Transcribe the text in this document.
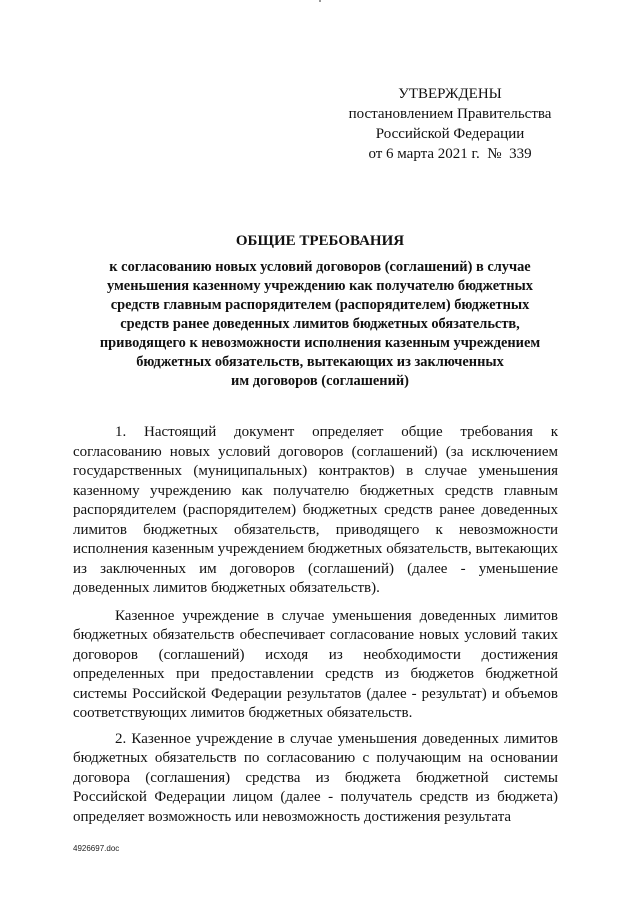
УТВЕРЖДЕНЫ
постановлением Правительства
Российской Федерации
от 6 марта 2021 г.  №  339
ОБЩИЕ ТРЕБОВАНИЯ
к согласованию новых условий договоров (соглашений) в случае
уменьшения казенному учреждению как получателю бюджетных
средств главным распорядителем (распорядителем) бюджетных
средств ранее доведенных лимитов бюджетных обязательств,
приводящего к невозможности исполнения казенным учреждением
бюджетных обязательств, вытекающих из заключенных
им договоров (соглашений)

1. Настоящий документ определяет общие требования к согласованию новых условий договоров (соглашений) (за исключением государственных (муниципальных) контрактов) в случае уменьшения казенному учреждению как получателю бюджетных средств главным распорядителем (распорядителем) бюджетных средств ранее доведенных лимитов бюджетных обязательств, приводящего к невозможности исполнения казенным учреждением бюджетных обязательств, вытекающих из заключенных им договоров (соглашений) (далее - уменьшение доведенных лимитов бюджетных обязательств).

Казенное учреждение в случае уменьшения доведенных лимитов бюджетных обязательств обеспечивает согласование новых условий таких договоров (соглашений) исходя из необходимости достижения определенных при предоставлении средств из бюджетов бюджетной системы Российской Федерации результатов (далее - результат) и объемов соответствующих лимитов бюджетных обязательств.

2. Казенное учреждение в случае уменьшения доведенных лимитов бюджетных обязательств по согласованию с получающим на основании договора (соглашения) средства из бюджета бюджетной системы Российской Федерации лицом (далее - получатель средств из бюджета) определяет возможность или невозможность достижения результата

4926697.doc
